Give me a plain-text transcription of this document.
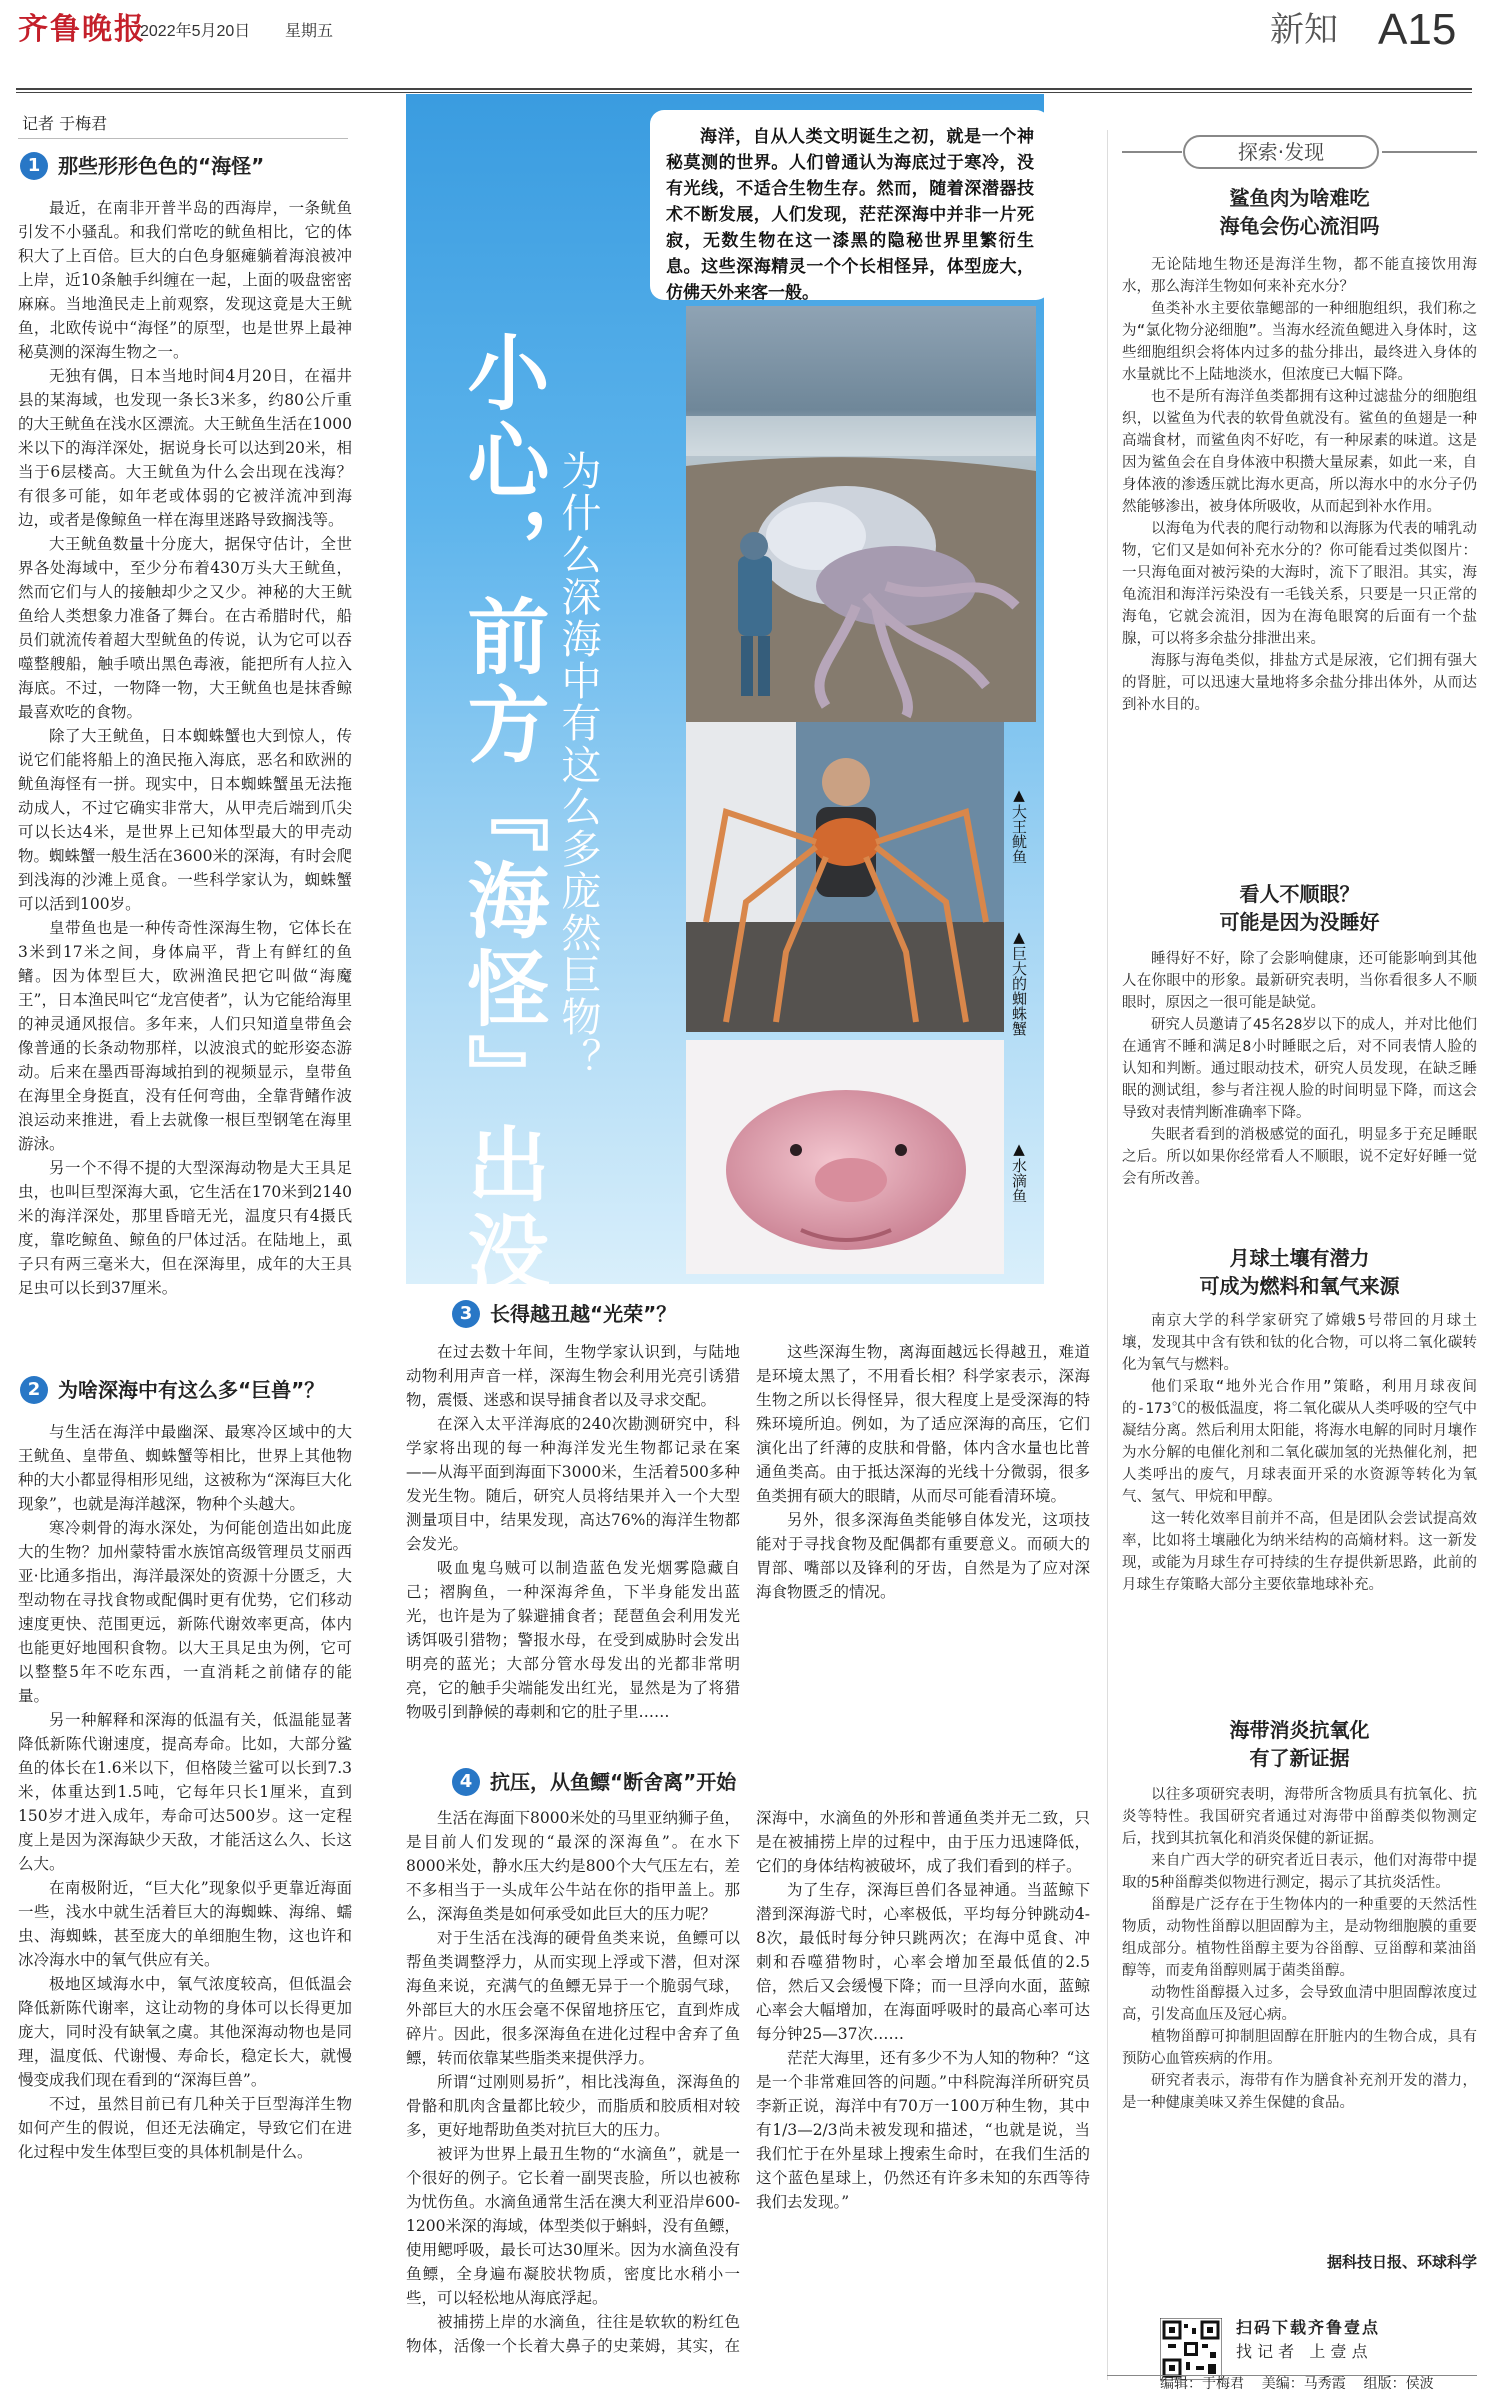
齐鲁晚报
2022年5月20日 星期五	新知 A15
记者 于梅君
1 那些形形色色的“海怪”

最近，在南非开普半岛的西海岸，一条鱿鱼引发不小骚乱。和我们常吃的鱿鱼相比，它的体积大了上百倍。巨大的白色身躯瘫躺着海浪被冲上岸，近10条触手纠缠在一起，上面的吸盘密密麻麻。当地渔民走上前观察，发现这竟是大王鱿鱼，北欧传说中“海怪”的原型，也是世界上最神秘莫测的深海生物之一。

无独有偶，日本当地时间4月20日，在福井县的某海域，也发现一条长3米多，约80公斤重的大王鱿鱼在浅水区漂流。大王鱿鱼生活在1000米以下的海洋深处，据说身长可以达到20米，相当于6层楼高。大王鱿鱼为什么会出现在浅海？有很多可能，如年老或体弱的它被洋流冲到海边，或者是像鲸鱼一样在海里迷路导致搁浅等。

大王鱿鱼数量十分庞大，据保守估计，全世界各处海域中，至少分布着430万头大王鱿鱼，然而它们与人的接触却少之又少。神秘的大王鱿鱼给人类想象力准备了舞台。在古希腊时代，船员们就流传着超大型鱿鱼的传说，认为它可以吞噬整艘船，触手喷出黑色毒液，能把所有人拉入海底。不过，一物降一物，大王鱿鱼也是抹香鲸最喜欢吃的食物。

除了大王鱿鱼，日本蜘蛛蟹也大到惊人，传说它们能将船上的渔民拖入海底，恶名和欧洲的鱿鱼海怪有一拼。现实中，日本蜘蛛蟹虽无法拖动成人，不过它确实非常大，从甲壳后端到爪尖可以长达4米，是世界上已知体型最大的甲壳动物。蜘蛛蟹一般生活在3600米的深海，有时会爬到浅海的沙滩上觅食。一些科学家认为，蜘蛛蟹可以活到100岁。

皇带鱼也是一种传奇性深海生物，它体长在3米到17米之间，身体扁平，背上有鲜红的鱼鳍。因为体型巨大，欧洲渔民把它叫做“海魔王”，日本渔民叫它“龙宫使者”，认为它能给海里的神灵通风报信。多年来，人们只知道皇带鱼会像普通的长条动物那样，以波浪式的蛇形姿态游动。后来在墨西哥海域拍到的视频显示，皇带鱼在海里全身挺直，没有任何弯曲，全靠背鳍作波浪运动来推进，看上去就像一根巨型钢笔在海里游泳。

另一个不得不提的大型深海动物是大王具足虫，也叫巨型深海大虱，它生活在170米到2140米的海洋深处，那里昏暗无光，温度只有4摄氏度，靠吃鲸鱼、鲸鱼的尸体过活。在陆地上，虱子只有两三毫米大，但在深海里，成年的大王具足虫可以长到37厘米。

2 为啥深海中有这么多“巨兽”？

与生活在海洋中最幽深、最寒冷区域中的大王鱿鱼、皇带鱼、蜘蛛蟹等相比，世界上其他物种的大小都显得相形见绌，这被称为“深海巨大化现象”，也就是海洋越深，物种个头越大。

寒冷刺骨的海水深处，为何能创造出如此庞大的生物？加州蒙特雷水族馆高级管理员艾丽西亚·比通多指出，海洋最深处的资源十分匮乏，大型动物在寻找食物或配偶时更有优势，它们移动速度更快、范围更远，新陈代谢效率更高，体内也能更好地囤积食物。以大王具足虫为例，它可以整整5年不吃东西，一直消耗之前储存的能量。

另一种解释和深海的低温有关，低温能显著降低新陈代谢速度，提高寿命。比如，大部分鲨鱼的体长在1.6米以下，但格陵兰鲨可以长到7.3米，体重达到1.5吨，它每年只长1厘米，直到150岁才进入成年，寿命可达500岁。这一定程度上是因为深海缺少天敌，才能活这么久、长这么大。

在南极附近，“巨大化”现象似乎更靠近海面一些，浅水中就生活着巨大的海蜘蛛、海绵、蠕虫、海蜘蛛，甚至庞大的单细胞生物，这也许和冰冷海水中的氧气供应有关。

极地区域海水中，氧气浓度较高，但低温会降低新陈代谢率，这让动物的身体可以长得更加庞大，同时没有缺氧之虞。其他深海动物也是同理，温度低、代谢慢、寿命长，稳定长大，就慢慢变成我们现在看到的“深海巨兽”。

不过，虽然目前已有几种关于巨型海洋生物如何产生的假说，但还无法确定，导致它们在进化过程中发生体型巨变的具体机制是什么。

小心，前方『海怪』出没 为什么深海中有这么多庞然巨物？
海洋，自从人类文明诞生之初，就是一个神秘莫测的世界。人们曾通认为海底过于寒冷，没有光线，不适合生物生存。然而，随着深潜器技术不断发展，人们发现，茫茫深海中并非一片死寂，无数生物在这一漆黑的隐秘世界里繁衍生息。这些深海精灵一个个长相怪异，体型庞大，仿佛天外来客一般。
▲大王鱿鱼
▲巨大的蜘蛛蟹
▲水滴鱼
3 长得越丑越“光荣”？

在过去数十年间，生物学家认识到，与陆地动物利用声音一样，深海生物会利用光亮引诱猎物，震慑、迷惑和误导捕食者以及寻求交配。

在深入太平洋海底的240次勘测研究中，科学家将出现的每一种海洋发光生物都记录在案——从海平面到海面下3000米，生活着500多种发光生物。随后，研究人员将结果并入一个大型测量项目中，结果发现，高达76%的海洋生物都会发光。

吸血鬼乌贼可以制造蓝色发光烟雾隐藏自己；褶胸鱼，一种深海斧鱼，下半身能发出蓝光，也许是为了躲避捕食者；琵琶鱼会利用发光诱饵吸引猎物；警报水母，在受到威胁时会发出明亮的蓝光；大部分管水母发出的光都非常明亮，它的触手尖端能发出红光，显然是为了将猎物吸引到静候的毒刺和它的肚子里……

这些深海生物，离海面越远长得越丑，难道是环境太黑了，不用看长相？科学家表示，深海生物之所以长得怪异，很大程度上是受深海的特殊环境所迫。例如，为了适应深海的高压，它们演化出了纤薄的皮肤和骨骼，体内含水量也比普通鱼类高。由于抵达深海的光线十分微弱，很多鱼类拥有硕大的眼睛，从而尽可能看清环境。

另外，很多深海鱼类能够自体发光，这项技能对于寻找食物及配偶都有重要意义。而硕大的胃部、嘴部以及锋利的牙齿，自然是为了应对深海食物匮乏的情况。

4 抗压，从鱼鳔“断舍离”开始

生活在海面下8000米处的马里亚纳狮子鱼，是目前人们发现的“最深的深海鱼”。在水下8000米处，静水压大约是800个大气压左右，差不多相当于一头成年公牛站在你的指甲盖上。那么，深海鱼类是如何承受如此巨大的压力呢？

对于生活在浅海的硬骨鱼类来说，鱼鳔可以帮鱼类调整浮力，从而实现上浮或下潜，但对深海鱼来说，充满气的鱼鳔无异于一个脆弱气球，外部巨大的水压会毫不保留地挤压它，直到炸成碎片。因此，很多深海鱼在进化过程中舍弃了鱼鳔，转而依靠某些脂类来提供浮力。

所谓“过刚则易折”，相比浅海鱼，深海鱼的骨骼和肌肉含量都比较少，而脂质和胶质相对较多，更好地帮助鱼类对抗巨大的压力。

被评为世界上最丑生物的“水滴鱼”，就是一个很好的例子。它长着一副哭丧脸，所以也被称为忧伤鱼。水滴鱼通常生活在澳大利亚沿岸600-1200米深的海域，体型类似于蝌蚪，没有鱼鳔，使用鳃呼吸，最长可达30厘米。因为水滴鱼没有鱼鳔，全身遍布凝胶状物质，密度比水稍小一些，可以轻松地从海底浮起。

被捕捞上岸的水滴鱼，往往是软软的粉红色物体，活像一个长着大鼻子的史莱姆，其实，在深海中，水滴鱼的外形和普通鱼类并无二致，只是在被捕捞上岸的过程中，由于压力迅速降低，它们的身体结构被破坏，成了我们看到的样子。

为了生存，深海巨兽们各显神通。当蓝鲸下潜到深海游弋时，心率极低，平均每分钟跳动4-8次，最低时每分钟只跳两次；在海中觅食、冲刺和吞噬猎物时，心率会增加至最低值的2.5倍，然后又会缓慢下降；而一旦浮向水面，蓝鲸心率会大幅增加，在海面呼吸时的最高心率可达每分钟25—37次……

茫茫大海里，还有多少不为人知的物种？“这是一个非常难回答的问题。”中科院海洋所研究员李新正说，海洋中有70万一100万种生物，其中有1/3—2/3尚未被发现和描述，“也就是说，当我们忙于在外星球上搜索生命时，在我们生活的这个蓝色星球上，仍然还有许多未知的东西等待我们去发现。”

探索·发现
鲨鱼肉为啥难吃
海龟会伤心流泪吗

无论陆地生物还是海洋生物，都不能直接饮用海水，那么海洋生物如何来补充水分？

鱼类补水主要依靠鳃部的一种细胞组织，我们称之为“氯化物分泌细胞”。当海水经流鱼鳃进入身体时，这些细胞组织会将体内过多的盐分排出，最终进入身体的水量就比不上陆地淡水，但浓度已大幅下降。

也不是所有海洋鱼类都拥有这种过滤盐分的细胞组织，以鲨鱼为代表的软骨鱼就没有。鲨鱼的鱼翅是一种高端食材，而鲨鱼肉不好吃，有一种尿素的味道。这是因为鲨鱼会在自身体液中积攒大量尿素，如此一来，自身体液的渗透压就比海水更高，所以海水中的水分子仍然能够渗出，被身体所吸收，从而起到补水作用。

以海龟为代表的爬行动物和以海豚为代表的哺乳动物，它们又是如何补充水分的？你可能看过类似图片：一只海龟面对被污染的大海时，流下了眼泪。其实，海龟流泪和海洋污染没有一毛钱关系，只要是一只正常的海龟，它就会流泪，因为在海龟眼窝的后面有一个盐腺，可以将多余盐分排泄出来。

海豚与海龟类似，排盐方式是尿液，它们拥有强大的肾脏，可以迅速大量地将多余盐分排出体外，从而达到补水目的。

看人不顺眼？
可能是因为没睡好

睡得好不好，除了会影响健康，还可能影响到其他人在你眼中的形象。最新研究表明，当你看很多人不顺眼时，原因之一很可能是缺觉。

研究人员邀请了45名28岁以下的成人，并对比他们在通宵不睡和满足8小时睡眠之后，对不同表情人脸的认知和判断。通过眼动技术，研究人员发现，在缺乏睡眠的测试组，参与者注视人脸的时间明显下降，而这会导致对表情判断准确率下降。

失眠者看到的消极感觉的面孔，明显多于充足睡眠之后。所以如果你经常看人不顺眼，说不定好好睡一觉会有所改善。

月球土壤有潜力
可成为燃料和氧气来源

南京大学的科学家研究了嫦娥5号带回的月球土壤，发现其中含有铁和钛的化合物，可以将二氧化碳转化为氧气与燃料。

他们采取“地外光合作用”策略，利用月球夜间的-173℃的极低温度，将二氧化碳从人类呼吸的空气中凝结分离。然后利用太阳能，将海水电解的同时月壤作为水分解的电催化剂和二氧化碳加氢的光热催化剂，把人类呼出的废气，月球表面开采的水资源等转化为氧气、氢气、甲烷和甲醇。

这一转化效率目前并不高，但是团队会尝试提高效率，比如将土壤融化为纳米结构的高熵材料。这一新发现，或能为月球生存可持续的生存提供新思路，此前的月球生存策略大部分主要依靠地球补充。

海带消炎抗氧化
有了新证据

以往多项研究表明，海带所含物质具有抗氧化、抗炎等特性。我国研究者通过对海带中甾醇类似物测定后，找到其抗氧化和消炎保健的新证据。

来自广西大学的研究者近日表示，他们对海带中提取的5种甾醇类似物进行测定，揭示了其抗炎活性。

甾醇是广泛存在于生物体内的一种重要的天然活性物质，动物性甾醇以胆固醇为主，是动物细胞膜的重要组成部分。植物性甾醇主要为谷甾醇、豆甾醇和菜油甾醇等，而麦角甾醇则属于菌类甾醇。

动物性甾醇摄入过多，会导致血清中胆固醇浓度过高，引发高血压及冠心病。

植物甾醇可抑制胆固醇在肝脏内的生物合成，具有预防心血管疾病的作用。

研究者表示，海带有作为膳食补充剂开发的潜力，是一种健康美味又养生保健的食品。

据科技日报、环球科学
扫码下载齐鲁壹点
找 记 者   上 壹 点
编辑：于梅君    美编：马秀霞    组版：侯波
